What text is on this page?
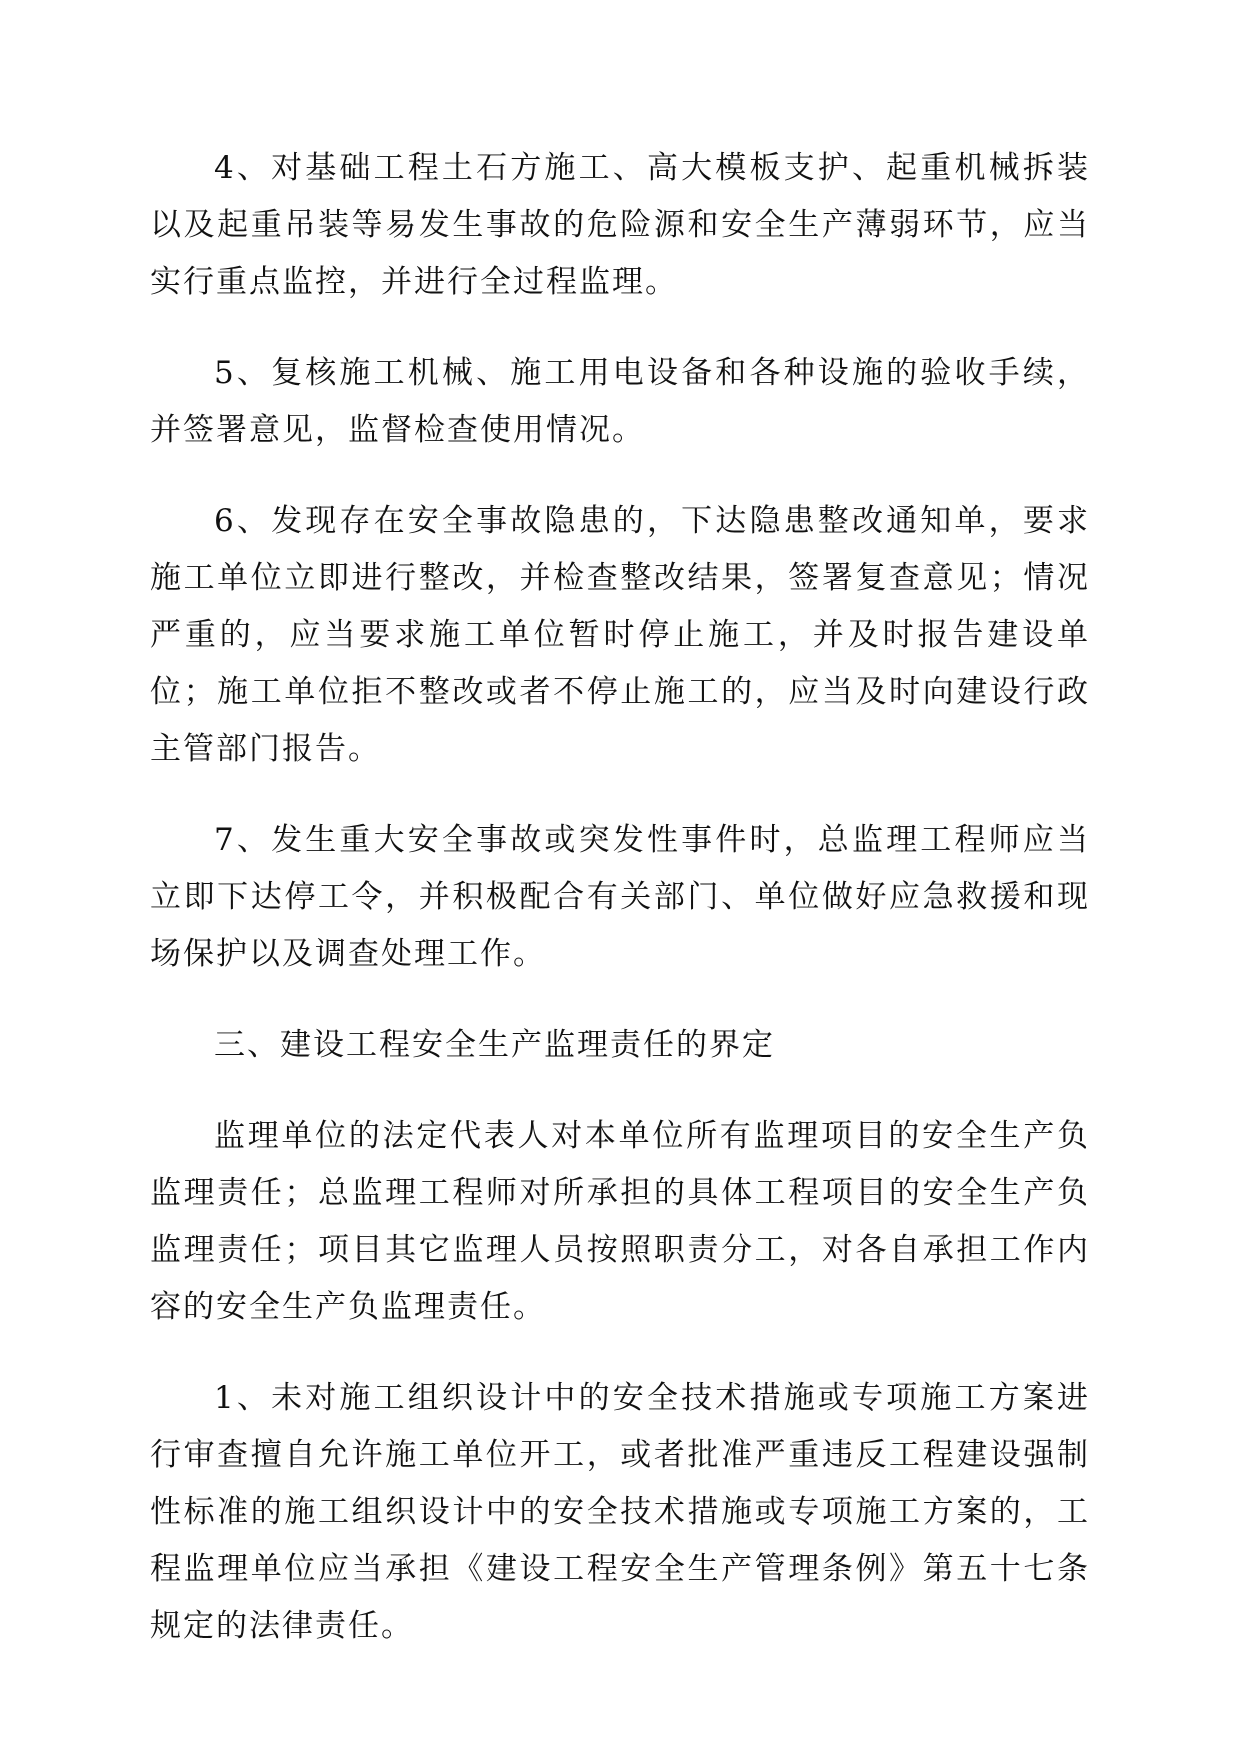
4、对基础工程土石方施工、高大模板支护、起重机械拆装以及起重吊装等易发生事故的危险源和安全生产薄弱环节，应当实行重点监控，并进行全过程监理。

5、复核施工机械、施工用电设备和各种设施的验收手续，并签署意见，监督检查使用情况。

6、发现存在安全事故隐患的，下达隐患整改通知单，要求施工单位立即进行整改，并检查整改结果，签署复查意见；情况严重的，应当要求施工单位暂时停止施工，并及时报告建设单位；施工单位拒不整改或者不停止施工的，应当及时向建设行政主管部门报告。

7、发生重大安全事故或突发性事件时，总监理工程师应当立即下达停工令，并积极配合有关部门、单位做好应急救援和现场保护以及调查处理工作。

三、建设工程安全生产监理责任的界定

监理单位的法定代表人对本单位所有监理项目的安全生产负监理责任；总监理工程师对所承担的具体工程项目的安全生产负监理责任；项目其它监理人员按照职责分工，对各自承担工作内容的安全生产负监理责任。

1、未对施工组织设计中的安全技术措施或专项施工方案进行审查擅自允许施工单位开工，或者批准严重违反工程建设强制性标准的施工组织设计中的安全技术措施或专项施工方案的，工程监理单位应当承担《建设工程安全生产管理条例》第五十七条规定的法律责任。
